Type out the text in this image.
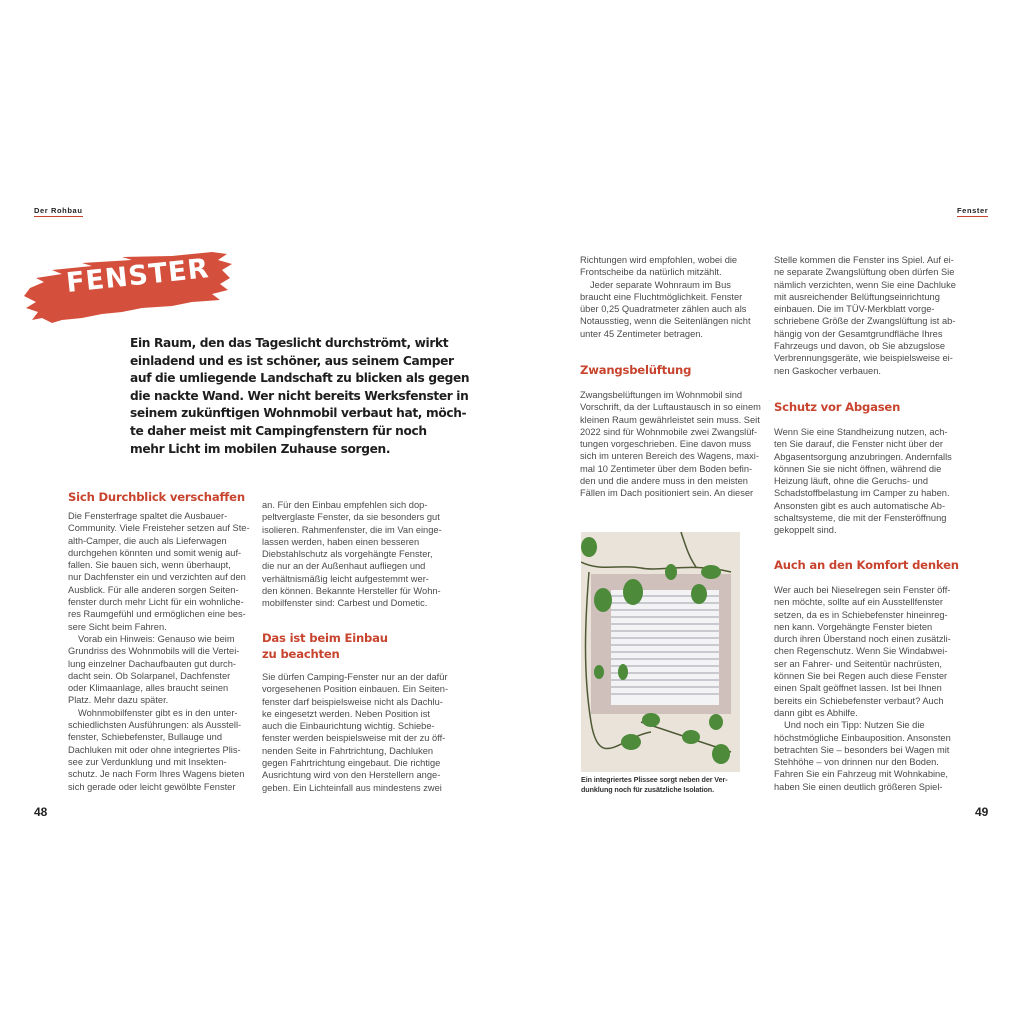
Der Rohbau	Fenster
FENSTER
Ein Raum, den das Tageslicht durchströmt, wirkt
einladend und es ist schöner, aus seinem Camper
auf die umliegende Landschaft zu blicken als gegen
die nackte Wand. Wer nicht bereits Werksfenster in
seinem zukünftigen Wohnmobil verbaut hat, möch-
te daher meist mit Campingfenstern für noch
mehr Licht im mobilen Zuhause sorgen.
Sich Durchblick verschaffen
Die Fensterfrage spaltet die Ausbauer-
Community. Viele Freisteher setzen auf Ste-
alth-Camper, die auch als Lieferwagen
durchgehen könnten und somit wenig auf-
fallen. Sie bauen sich, wenn überhaupt,
nur Dachfenster ein und verzichten auf den
Ausblick. Für alle anderen sorgen Seiten-
fenster durch mehr Licht für ein wohnliche-
res Raumgefühl und ermöglichen eine bes-
sere Sicht beim Fahren.
Vorab ein Hinweis: Genauso wie beim
Grundriss des Wohnmobils will die Vertei-
lung einzelner Dachaufbauten gut durch-
dacht sein. Ob Solarpanel, Dachfenster
oder Klimaanlage, alles braucht seinen
Platz. Mehr dazu später.
Wohnmobilfenster gibt es in den unter-
schiedlichsten Ausführungen: als Ausstell-
fenster, Schiebefenster, Bullauge und
Dachluken mit oder ohne integriertes Plis-
see zur Verdunklung und mit Insekten-
schutz. Je nach Form Ihres Wagens bieten
sich gerade oder leicht gewölbte Fenster
an. Für den Einbau empfehlen sich dop-
peltverglaste Fenster, da sie besonders gut
isolieren. Rahmenfenster, die im Van einge-
lassen werden, haben einen besseren
Diebstahlschutz als vorgehängte Fenster,
die nur an der Außenhaut aufliegen und
verhältnismäßig leicht aufgestemmt wer-
den können. Bekannte Hersteller für Wohn-
mobilfenster sind: Carbest und Dometic.
Das ist beim Einbau
zu beachten
Sie dürfen Camping-Fenster nur an der dafür
vorgesehenen Position einbauen. Ein Seiten-
fenster darf beispielsweise nicht als Dachlu-
ke eingesetzt werden. Neben Position ist
auch die Einbaurichtung wichtig. Schiebe-
fenster werden beispielsweise mit der zu öff-
nenden Seite in Fahrtrichtung, Dachluken
gegen Fahrtrichtung eingebaut. Die richtige
Ausrichtung wird von den Herstellern ange-
geben. Ein Lichteinfall aus mindestens zwei
Richtungen wird empfohlen, wobei die
Frontscheibe da natürlich mitzählt.
Jeder separate Wohnraum im Bus
braucht eine Fluchtmöglichkeit. Fenster
über 0,25 Quadratmeter zählen auch als
Notausstieg, wenn die Seitenlängen nicht
unter 45 Zentimeter betragen.
Zwangsbelüftung
Zwangsbelüftungen im Wohnmobil sind
Vorschrift, da der Luftaustausch in so einem
kleinen Raum gewährleistet sein muss. Seit
2022 sind für Wohnmobile zwei Zwangslüf-
tungen vorgeschrieben. Eine davon muss
sich im unteren Bereich des Wagens, maxi-
mal 10 Zentimeter über dem Boden befin-
den und die andere muss in den meisten
Fällen im Dach positioniert sein. An dieser
Ein integriertes Plissee sorgt neben der Ver-
dunklung noch für zusätzliche Isolation.
Stelle kommen die Fenster ins Spiel. Auf ei-
ne separate Zwangslüftung oben dürfen Sie
nämlich verzichten, wenn Sie eine Dachluke
mit ausreichender Belüftungseinrichtung
einbauen. Die im TÜV-Merkblatt vorge-
schriebene Größe der Zwangslüftung ist ab-
hängig von der Gesamtgrundfläche Ihres
Fahrzeugs und davon, ob Sie abzugslose
Verbrennungsgeräte, wie beispielsweise ei-
nen Gaskocher verbauen.
Schutz vor Abgasen
Wenn Sie eine Standheizung nutzen, ach-
ten Sie darauf, die Fenster nicht über der
Abgasentsorgung anzubringen. Andernfalls
können Sie sie nicht öffnen, während die
Heizung läuft, ohne die Geruchs- und
Schadstoffbelastung im Camper zu haben.
Ansonsten gibt es auch automatische Ab-
schaltsysteme, die mit der Fensteröffnung
gekoppelt sind.
Auch an den Komfort denken
Wer auch bei Nieselregen sein Fenster öff-
nen möchte, sollte auf ein Ausstellfenster
setzen, da es in Schiebefenster hineinreg-
nen kann. Vorgehängte Fenster bieten
durch ihren Überstand noch einen zusätzli-
chen Regenschutz. Wenn Sie Windabwei-
ser an Fahrer- und Seitentür nachrüsten,
können Sie bei Regen auch diese Fenster
einen Spalt geöffnet lassen. Ist bei Ihnen
bereits ein Schiebefenster verbaut? Auch
dann gibt es Abhilfe.
Und noch ein Tipp: Nutzen Sie die
höchstmögliche Einbauposition. Ansonsten
betrachten Sie – besonders bei Wagen mit
Stehhöhe – von drinnen nur den Boden.
Fahren Sie ein Fahrzeug mit Wohnkabine,
haben Sie einen deutlich größeren Spiel-
48	49
